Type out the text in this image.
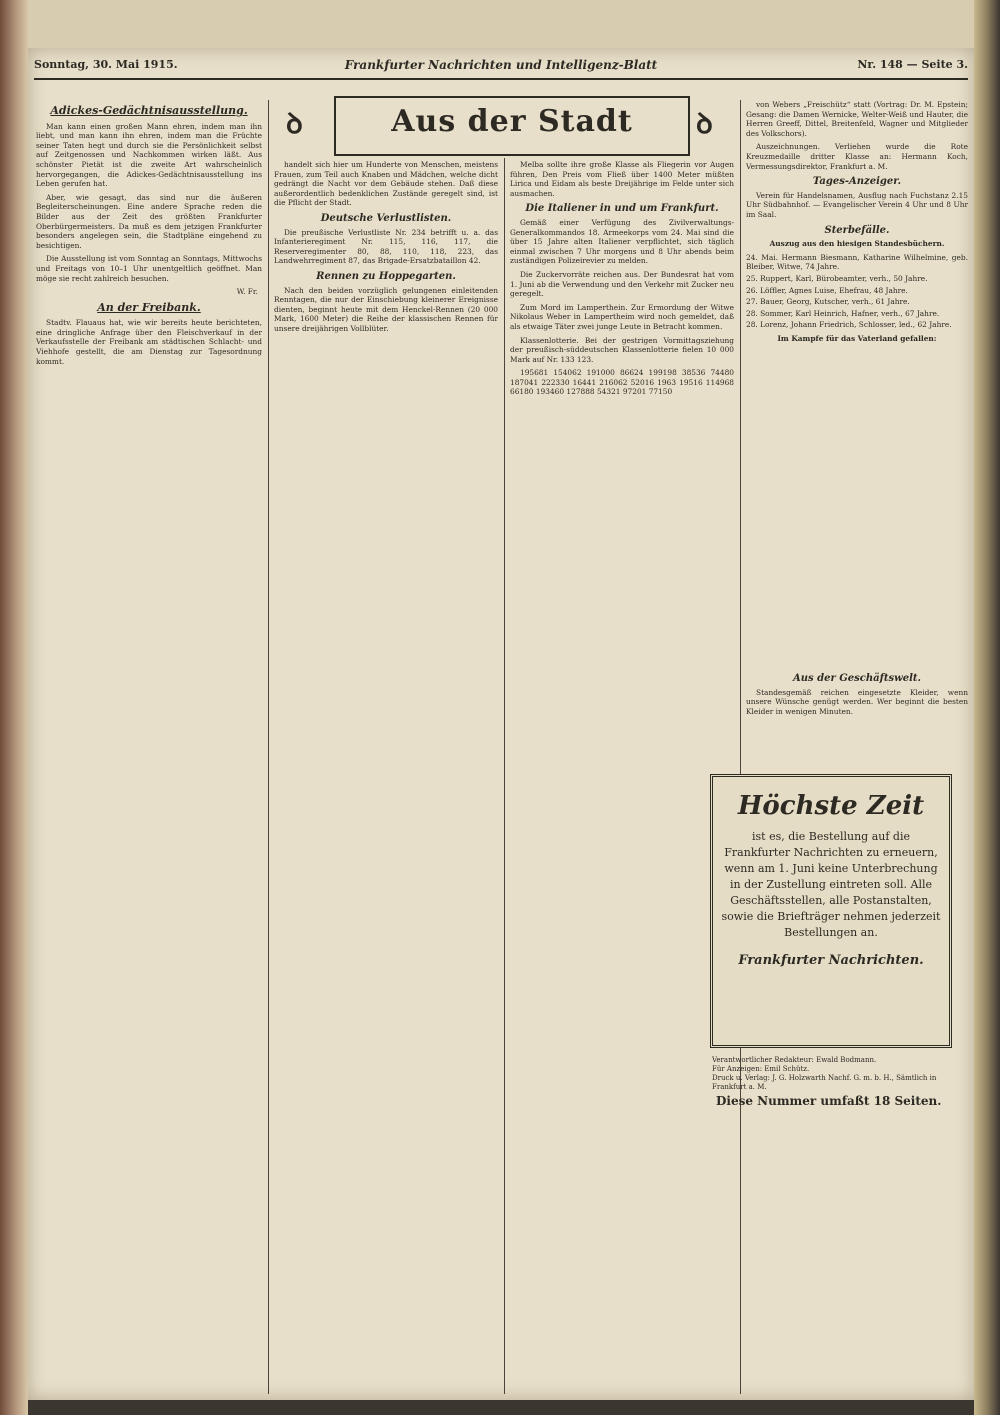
Sonntag, 30. Mai 1915.	Frankfurter Nachrichten und Intelligenz-Blatt	Nr. 148 — Seite 3.
Aus der Stadt
ꝺ	ꝺ
Adickes-Gedächtnisausstellung.

Man kann einen großen Mann ehren, indem man ihn liebt, und man kann ihn ehren, indem man die Früchte seiner Taten hegt und durch sie die Persönlichkeit selbst auf Zeitgenossen und Nachkommen wirken läßt. Aus schönster Pietät ist die zweite Art wahrscheinlich hervorgegangen, die Adickes-Gedächtnisausstellung ins Leben gerufen hat.

Aber, wie gesagt, das sind nur die äußeren Begleiterscheinungen. Eine andere Sprache reden die Bilder aus der Zeit des größten Frankfurter Oberbürgermeisters. Da muß es dem jetzigen Frankfurter besonders angelegen sein, die Stadtpläne eingehend zu besichtigen.

Die Ausstellung ist vom Sonntag an Sonntags, Mittwochs und Freitags von 10–1 Uhr unentgeltlich geöffnet. Man möge sie recht zahlreich besuchen.

W. Fr.
An der Freibank.

Stadtv. Flauaus hat, wie wir bereits heute berichteten, eine dringliche Anfrage über den Fleischverkauf in der Verkaufsstelle der Freibank am städtischen Schlacht- und Viehhofe gestellt, die am Dienstag zur Tagesordnung kommt.

handelt sich hier um Hunderte von Menschen, meistens Frauen, zum Teil auch Knaben und Mädchen, welche dicht gedrängt die Nacht vor dem Gebäude stehen. Daß diese außerordentlich bedenklichen Zustände geregelt sind, ist die Pflicht der Stadt.

Deutsche Verlustlisten.

Die preußische Verlustliste Nr. 234 betrifft u. a. das Infanterieregiment Nr. 115, 116, 117, die Reserveregimenter 80, 88, 110, 118, 223, das Landwehrregiment 87, das Brigade-Ersatzbataillon 42.

Rennen zu Hoppegarten.

Nach den beiden vorzüglich gelungenen einleitenden Renntagen, die nur der Einschiebung kleinerer Ereignisse dienten, beginnt heute mit dem Henckel-Rennen (20 000 Mark, 1600 Meter) die Reihe der klassischen Rennen für unsere dreijährigen Vollblüter.

Melba sollte ihre große Klasse als Fliegerin vor Augen führen, Den Preis vom Fließ über 1400 Meter müßten Lirica und Eidam als beste Dreijährige im Felde unter sich ausmachen.

Die Italiener in und um Frankfurt.

Gemäß einer Verfügung des Zivilverwaltungs-Generalkommandos 18. Armeekorps vom 24. Mai sind die über 15 Jahre alten Italiener verpflichtet, sich täglich einmal zwischen 7 Uhr morgens und 8 Uhr abends beim zuständigen Polizeirevier zu melden.

Die Zuckervorräte reichen aus. Der Bundesrat hat vom 1. Juni ab die Verwendung und den Verkehr mit Zucker neu geregelt.

Zum Mord im Lamperthein. Zur Ermordung der Witwe Nikolaus Weber in Lampertheim wird noch gemeldet, daß als etwaige Täter zwei junge Leute in Betracht kommen.

Klassenlotterie. Bei der gestrigen Vormittagsziehung der preußisch-süddeutschen Klassenlotterie fielen 10 000 Mark auf Nr. 133 123.

195681 154062 191000 86624 199198 38536 74480 187041 222330 16441 216062 52016 1963 19516 114968 66180 193460 127888 54321 97201 77150

von Webers „Freischütz“ statt (Vortrag: Dr. M. Epstein; Gesang: die Damen Wernicke, Welter-Weiß und Hauter, die Herren Greeff, Dittel, Breitenfeld, Wagner und Mitglieder des Volkschors).

Auszeichnungen. Verliehen wurde die Rote Kreuzmedaille dritter Klasse an: Hermann Koch, Vermessungsdirektor, Frankfurt a. M.

Tages-Anzeiger.

Verein für Handelsnamen, Ausflug nach Fuchstanz 2.15 Uhr Südbahnhof. — Evangelischer Verein 4 Uhr und 8 Uhr im Saal.

Sterbefälle.
Auszug aus den hiesigen Standesbüchern.
24. Mai. Hermann Biesmann, Katharine Wilhelmine, geb. Bleiber, Witwe, 74 Jahre.
25. Ruppert, Karl, Bürobeamter, verh., 50 Jahre.
26. Löffler, Agnes Luise, Ehefrau, 48 Jahre.
27. Bauer, Georg, Kutscher, verh., 61 Jahre.
28. Sommer, Karl Heinrich, Hafner, verh., 67 Jahre.
28. Lorenz, Johann Friedrich, Schlosser, led., 62 Jahre.
Im Kampfe für das Vaterland gefallen:
Aus der Geschäftswelt.

Standesgemäß reichen eingesetzte Kleider, wenn unsere Wünsche genügt werden. Wer beginnt die besten Kleider in wenigen Minuten.

Höchste Zeit
ist es, die Bestellung auf die Frankfurter Nachrichten zu erneuern, wenn am 1. Juni keine Unterbrechung in der Zustellung eintreten soll. Alle Geschäftsstellen, alle Postanstalten, sowie die Briefträger nehmen jederzeit Bestellungen an.
Frankfurter Nachrichten.
Verantwortlicher Redakteur: Ewald Bodmann.
Für Anzeigen: Emil Schütz.
Druck u. Verlag: J. G. Holzwarth Nachf. G. m. b. H., Sämtlich in Frankfurt a. M.
Diese Nummer umfaßt 18 Seiten.
